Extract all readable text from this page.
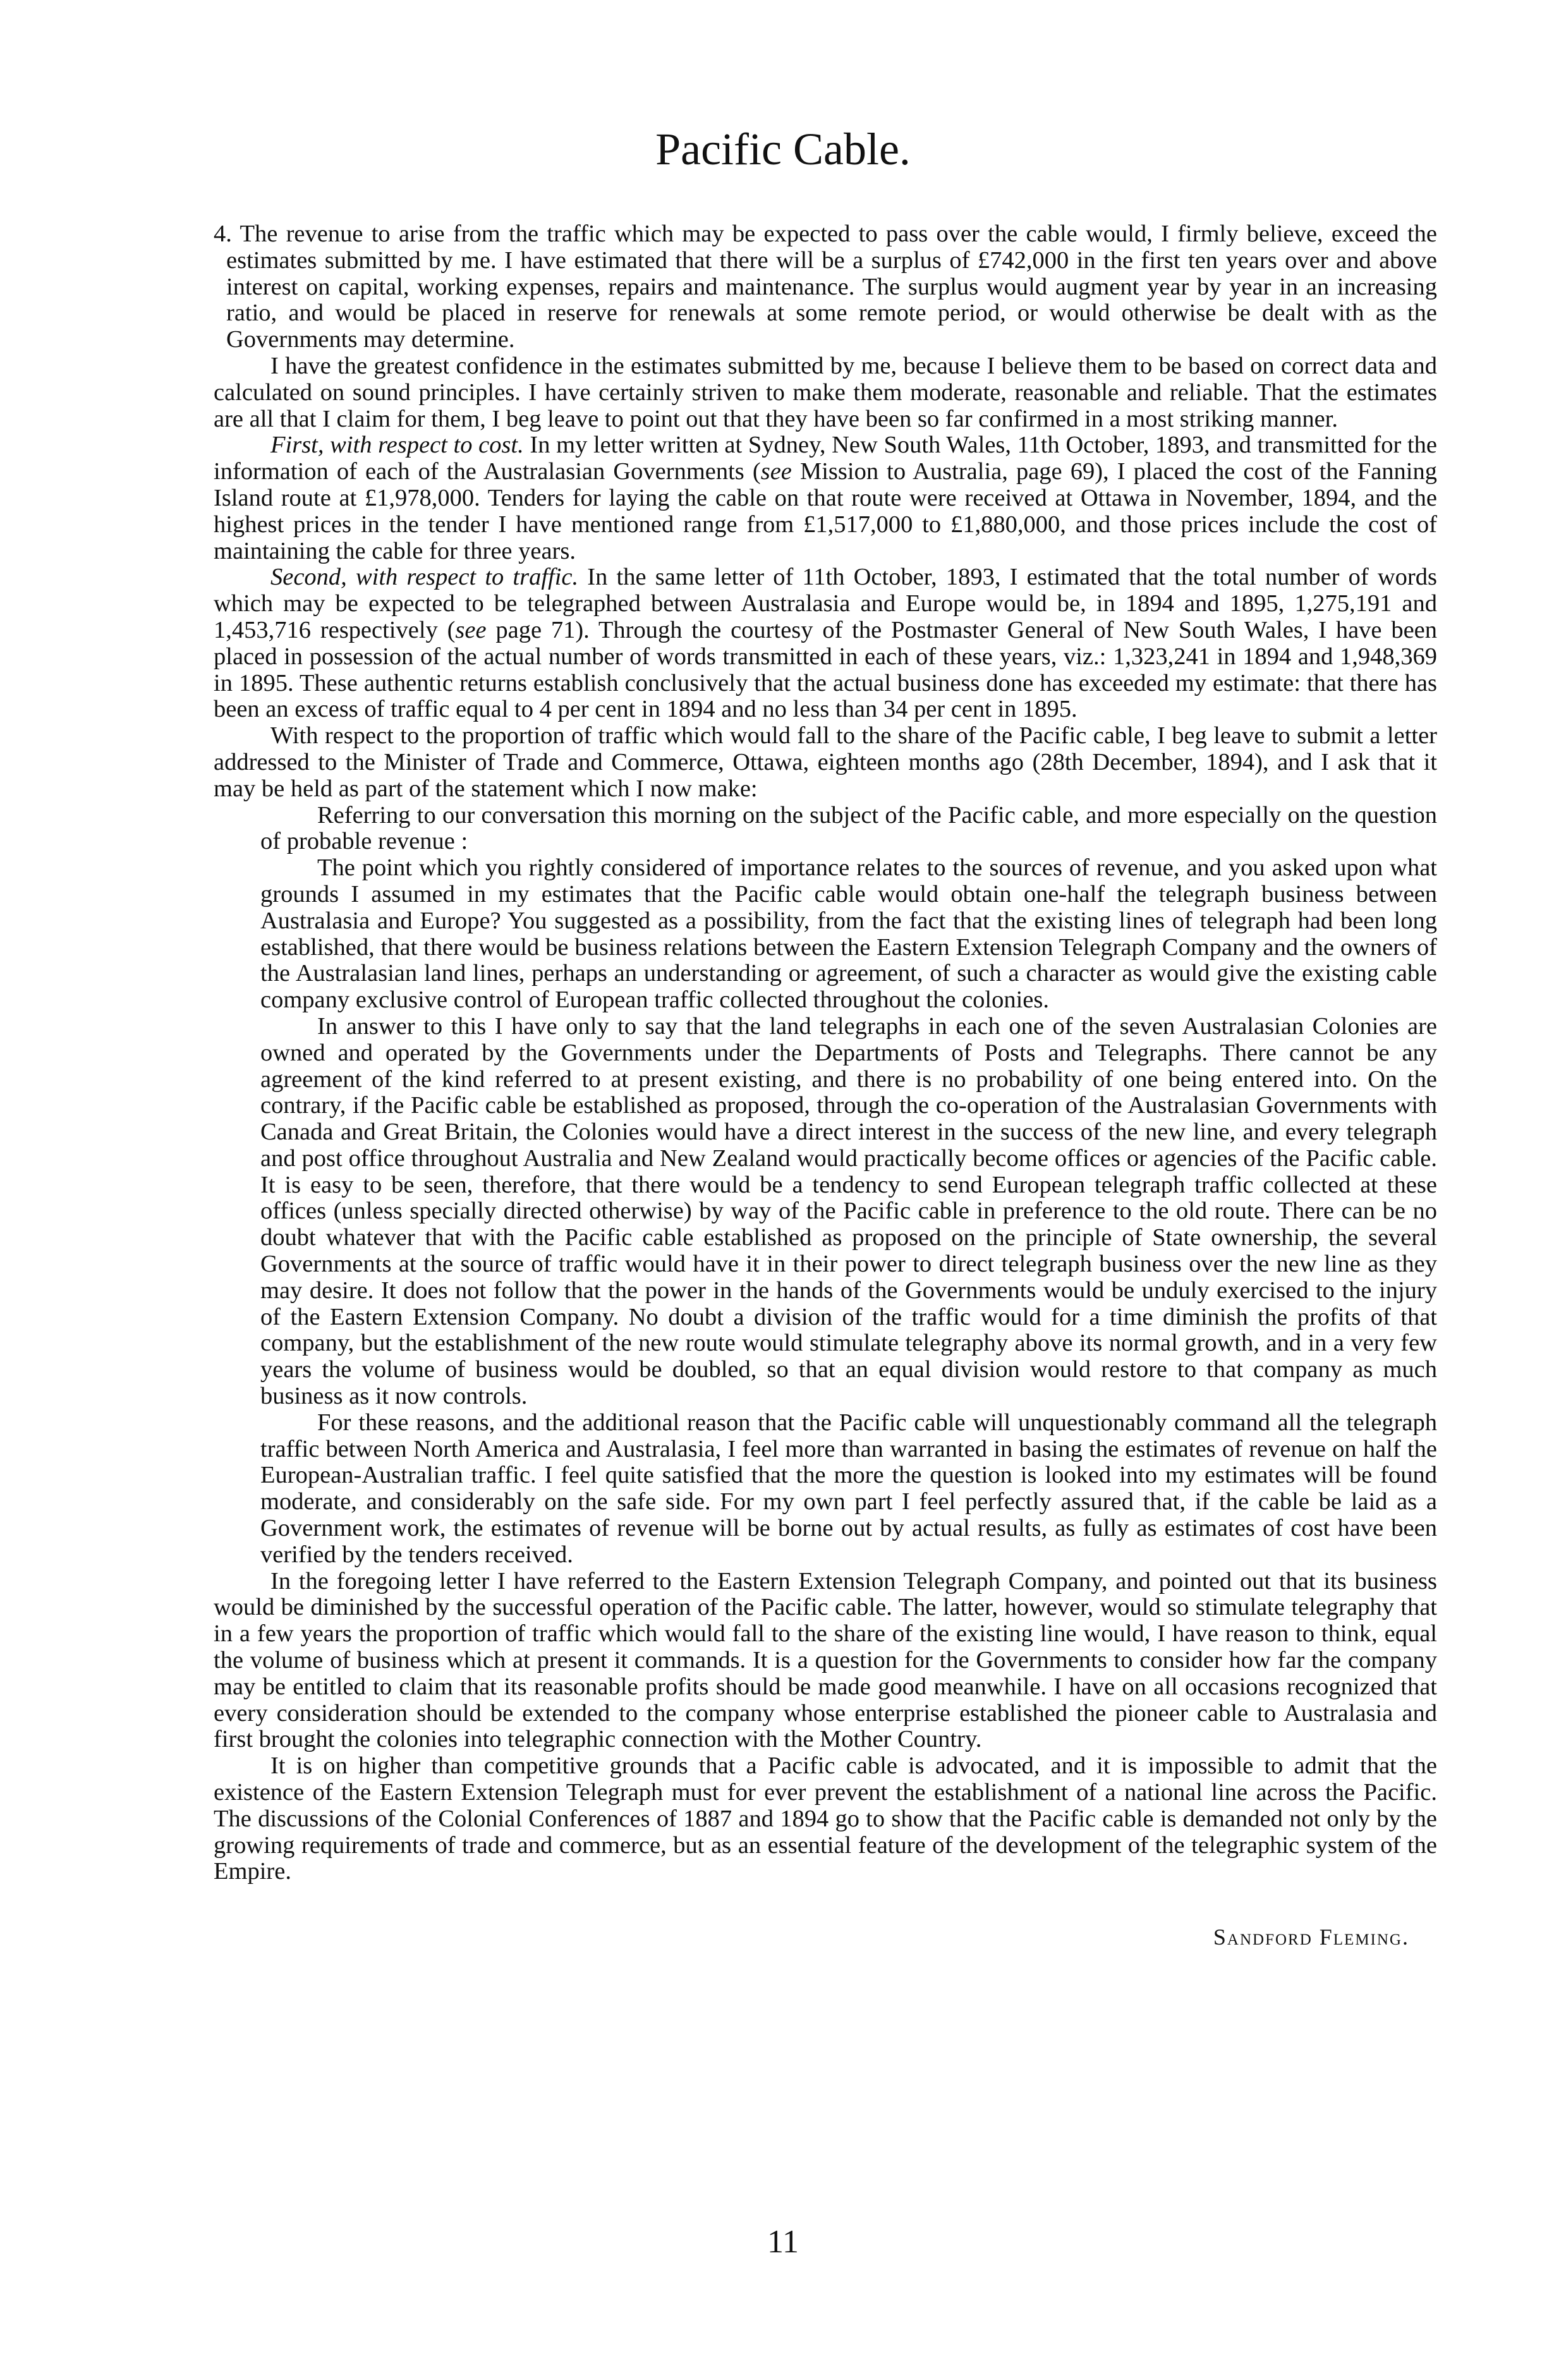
Pacific Cable.

4. The revenue to arise from the traffic which may be expected to pass over the cable would, I firmly believe, exceed the estimates submitted by me. I have estimated that there will be a surplus of £742,000 in the first ten years over and above interest on capital, working expenses, repairs and maintenance. The surplus would augment year by year in an increasing ratio, and would be placed in reserve for renewals at some remote period, or would otherwise be dealt with as the Governments may determine.

I have the greatest confidence in the estimates submitted by me, because I believe them to be based on correct data and calculated on sound principles. I have certainly striven to make them moderate, reasonable and reliable. That the estimates are all that I claim for them, I beg leave to point out that they have been so far confirmed in a most striking manner.

First, with respect to cost. In my letter written at Sydney, New South Wales, 11th October, 1893, and transmitted for the information of each of the Australasian Governments (see Mission to Australia, page 69), I placed the cost of the Fanning Island route at £1,978,000. Tenders for laying the cable on that route were received at Ottawa in November, 1894, and the highest prices in the tender I have mentioned range from £1,517,000 to £1,880,000, and those prices include the cost of maintaining the cable for three years.

Second, with respect to traffic. In the same letter of 11th October, 1893, I estimated that the total number of words which may be expected to be telegraphed between Australasia and Europe would be, in 1894 and 1895, 1,275,191 and 1,453,716 respectively (see page 71). Through the courtesy of the Postmaster General of New South Wales, I have been placed in possession of the actual number of words transmitted in each of these years, viz.: 1,323,241 in 1894 and 1,948,369 in 1895. These authentic returns establish conclusively that the actual business done has exceeded my estimate: that there has been an excess of traffic equal to 4 per cent in 1894 and no less than 34 per cent in 1895.

With respect to the proportion of traffic which would fall to the share of the Pacific cable, I beg leave to submit a letter addressed to the Minister of Trade and Commerce, Ottawa, eighteen months ago (28th December, 1894), and I ask that it may be held as part of the statement which I now make:

Referring to our conversation this morning on the subject of the Pacific cable, and more especially on the question of probable revenue :

The point which you rightly considered of importance relates to the sources of revenue, and you asked upon what grounds I assumed in my estimates that the Pacific cable would obtain one-half the telegraph business between Australasia and Europe? You suggested as a possibility, from the fact that the existing lines of telegraph had been long established, that there would be business relations between the Eastern Extension Telegraph Company and the owners of the Australasian land lines, perhaps an understanding or agreement, of such a character as would give the existing cable company exclusive control of European traffic collected throughout the colonies.

In answer to this I have only to say that the land telegraphs in each one of the seven Australasian Colonies are owned and operated by the Governments under the Departments of Posts and Telegraphs. There cannot be any agreement of the kind referred to at present existing, and there is no probability of one being entered into. On the contrary, if the Pacific cable be established as proposed, through the co-operation of the Australasian Governments with Canada and Great Britain, the Colonies would have a direct interest in the success of the new line, and every telegraph and post office throughout Australia and New Zealand would practically become offices or agencies of the Pacific cable. It is easy to be seen, therefore, that there would be a tendency to send European telegraph traffic collected at these offices (unless specially directed otherwise) by way of the Pacific cable in preference to the old route. There can be no doubt whatever that with the Pacific cable established as proposed on the principle of State ownership, the several Governments at the source of traffic would have it in their power to direct telegraph business over the new line as they may desire. It does not follow that the power in the hands of the Governments would be unduly exercised to the injury of the Eastern Extension Company. No doubt a division of the traffic would for a time diminish the profits of that company, but the establishment of the new route would stimulate telegraphy above its normal growth, and in a very few years the volume of business would be doubled, so that an equal division would restore to that company as much business as it now controls.

For these reasons, and the additional reason that the Pacific cable will unquestionably command all the telegraph traffic between North America and Australasia, I feel more than warranted in basing the estimates of revenue on half the European-Australian traffic. I feel quite satisfied that the more the question is looked into my estimates will be found moderate, and considerably on the safe side. For my own part I feel perfectly assured that, if the cable be laid as a Government work, the estimates of revenue will be borne out by actual results, as fully as estimates of cost have been verified by the tenders received.

In the foregoing letter I have referred to the Eastern Extension Telegraph Company, and pointed out that its business would be diminished by the successful operation of the Pacific cable. The latter, however, would so stimulate telegraphy that in a few years the proportion of traffic which would fall to the share of the existing line would, I have reason to think, equal the volume of business which at present it commands. It is a question for the Governments to consider how far the company may be entitled to claim that its reasonable profits should be made good meanwhile. I have on all occasions recognized that every consideration should be extended to the company whose enterprise established the pioneer cable to Australasia and first brought the colonies into telegraphic connection with the Mother Country.

It is on higher than competitive grounds that a Pacific cable is advocated, and it is impossible to admit that the existence of the Eastern Extension Telegraph must for ever prevent the establishment of a national line across the Pacific. The discussions of the Colonial Conferences of 1887 and 1894 go to show that the Pacific cable is demanded not only by the growing requirements of trade and commerce, but as an essential feature of the development of the telegraphic system of the Empire.

Sandford Fleming.
11
